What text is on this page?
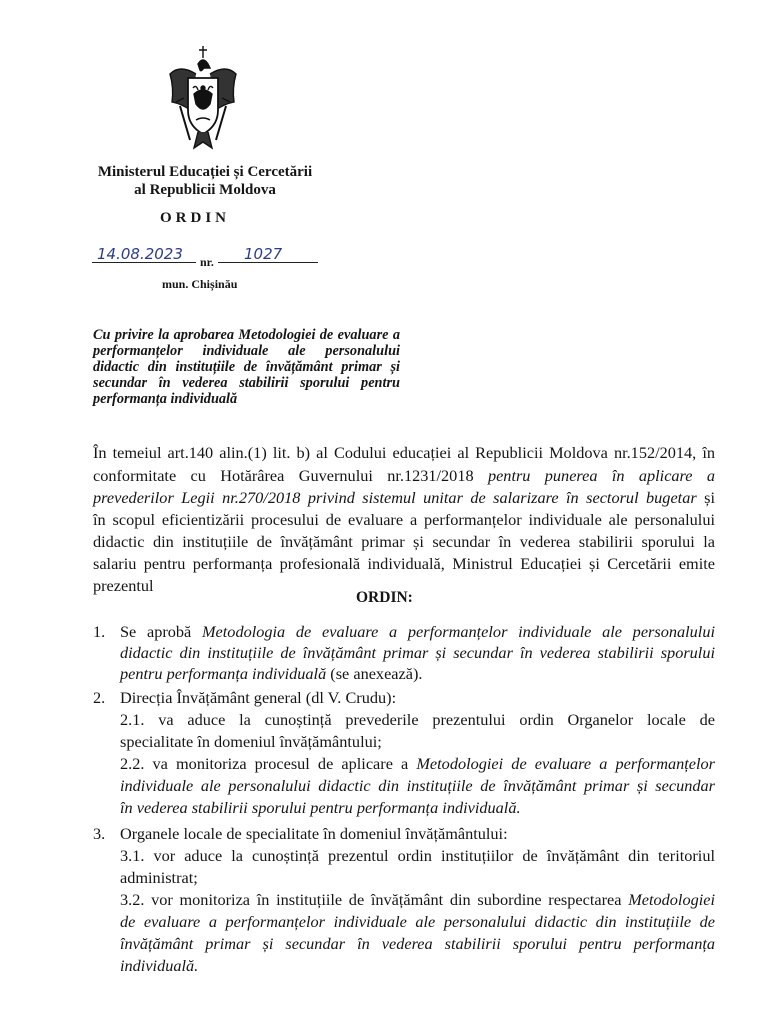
Ministerul Educației și Cercetării
al Republicii Moldova
ORDIN
14.08.2023 nr. 1027
mun. Chișinău
Cu privire la aprobarea Metodologiei de evaluare a performanțelor individuale ale personalului didactic din instituțiile de învățământ primar și secundar în vederea stabilirii sporului pentru performanța individuală
În temeiul art.140 alin.(1) lit. b) al Codului educației al Republicii Moldova nr.152/2014, în
conformitate cu Hotărârea Guvernului nr.1231/2018 pentru punerea în aplicare a
prevederilor Legii nr.270/2018 privind sistemul unitar de salarizare în sectorul bugetar și
în scopul eficientizării procesului de evaluare a performanțelor individuale ale personalului
didactic din instituțiile de învățământ primar și secundar în vederea stabilirii sporului la
salariu pentru performanța profesională individuală, Ministrul Educației și Cercetării emite
prezentul
ORDIN:
1. Se aprobă Metodologia de evaluare a performanțelor individuale ale personalului
didactic din instituțiile de învățământ primar și secundar în vederea stabilirii sporului
pentru performanța individuală (se anexează).
2. Direcția Învățământ general (dl V. Crudu):
2.1. va aduce la cunoștință prevederile prezentului ordin Organelor locale de
specialitate în domeniul învățământului;
2.2. va monitoriza procesul de aplicare a Metodologiei de evaluare a performanțelor
individuale ale personalului didactic din instituțiile de învățământ primar și secundar
în vederea stabilirii sporului pentru performanța individuală.
3. Organele locale de specialitate în domeniul învățământului:
3.1. vor aduce la cunoștință prezentul ordin instituțiilor de învățământ din teritoriul
administrat;
3.2. vor monitoriza în instituțiile de învățământ din subordine respectarea Metodologiei
de evaluare a performanțelor individuale ale personalului didactic din instituțiile de
învățământ primar și secundar în vederea stabilirii sporului pentru performanța
individuală.
